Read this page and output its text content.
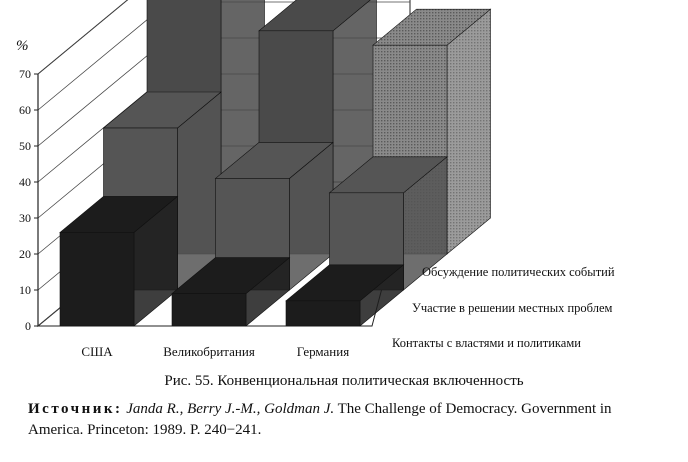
0
10
20
30
40
50
60
70
%
США	Великобритания	Германия
Контакты с властями и политиками
Участие в решении местных проблем
Обсуждение политических событий

Рис. 55. Конвенциональная политическая включенность

Источник: Janda R., Berry J.-M., Goldman J. The Challenge of Democracy. Government in America. Princeton: 1989. P. 240−241.
